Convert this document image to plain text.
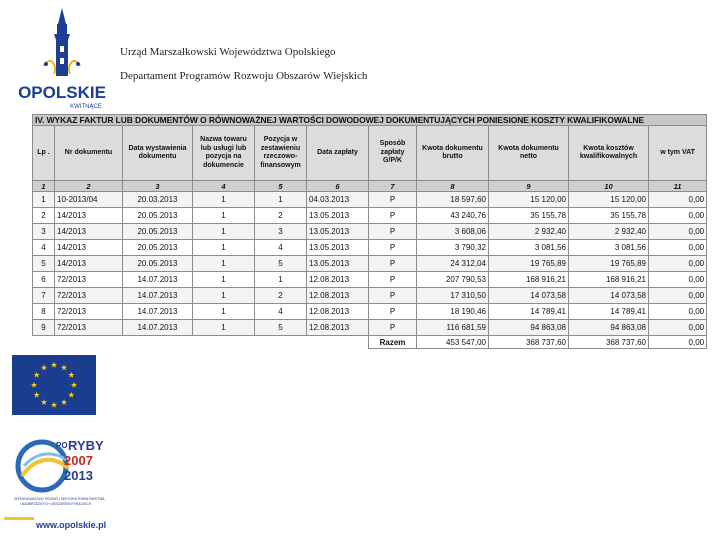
Urząd Marszałkowski Województwa Opolskiego
Departament Programów Rozwoju Obszarów Wiejskich
OPOLSKIE
KWITNĄCE
IV. WYKAZ FAKTUR LUB DOKUMENTÓW O RÓWNOWAŻNEJ WARTOŚCI DOWODOWEJ DOKUMENTUJĄCYCH PONIESIONE KOSZTY KWALIFIKOWALNE										
Lp .	Nr dokumentu	Data wystawienia dokumentu	Nazwa towaru lub usługi lub pozycja na dokumencie	Pozycja w zestawieniu rzeczowo-finansowym	Data zapłaty	Sposób zapłaty G/P/K	Kwota dokumentu brutto	Kwota dokumentu netto	Kwota kosztów kwalifikowalnych	w tym VAT
1	2	3	4	5	6	7	8	9	10	11
1	10-2013/04	20.03.2013	1	1	04.03.2013	P	18 597,60	15 120,00	15 120,00	0,00
2	14/2013	20.05.2013	1	2	13.05.2013	P	43 240,76	35 155,78	35 155,78	0,00
3	14/2013	20.05.2013	1	3	13.05.2013	P	3 608,06	2 932,40	2 932,40	0,00
4	14/2013	20.05.2013	1	4	13.05.2013	P	3 790,32	3 081,56	3 081,56	0,00
5	14/2013	20.05.2013	1	5	13.05.2013	P	24 312,04	19 765,89	19 765,89	0,00
6	72/2013	14.07.2013	1	1	12.08.2013	P	207 790,53	168 916,21	168 916,21	0,00
7	72/2013	14.07.2013	1	2	12.08.2013	P	17 310,50	14 073,58	14 073,58	0,00
8	72/2013	14.07.2013	1	4	12.08.2013	P	18 190,46	14 789,41	14 789,41	0,00
9	72/2013	14.07.2013	1	5	12.08.2013	P	116 681,59	94 863,08	94 863,08	0,00
						Razem	453 547,00	368 737,60	368 737,60	0,00
PO RYBY
2007
2013
ZRÓWNOWAŻONY ROZWÓJ SEKTORA RYBOŁÓWSTWA
I NADBRZEŻNYCH OBSZARÓW RYBACKICH
www.opolskie.pl
